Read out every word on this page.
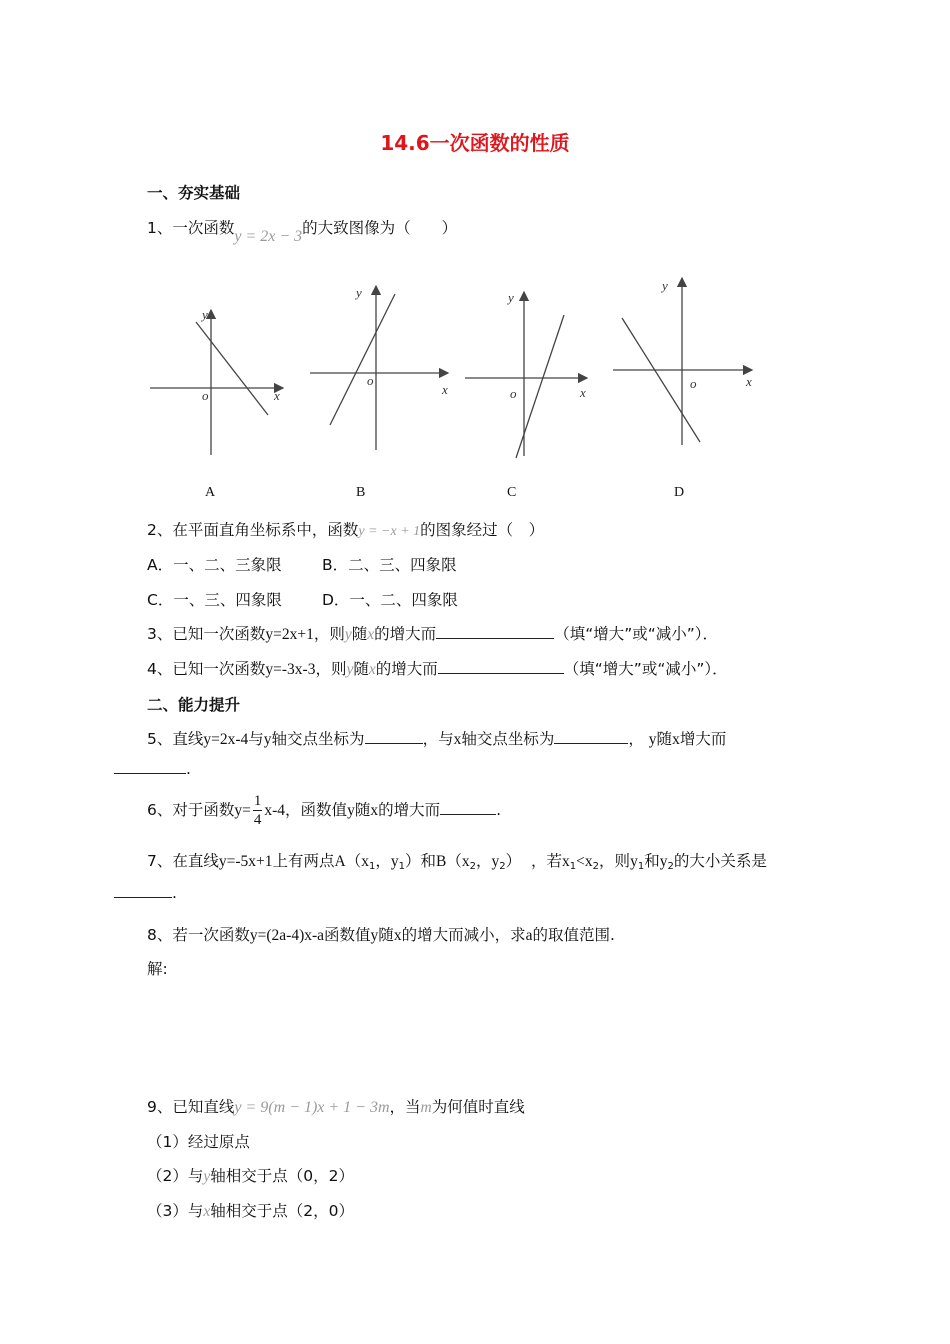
14.6一次函数的性质
一、夯实基础
1、一次函数y = 2x − 3的大致图像为（　　）
y
x
o
y
x
o
y
x
o
y
x
o
A	B	C	D
2、在平面直角坐标系中，函数y = −x + 1的图象经过（　）
A．一、二、三象限	B．二、三、四象限
C．一、三、四象限	D．一、二、四象限
3、已知一次函数y=2x+1，则y随x的增大而	（填“增大”或“减小”）．
4、已知一次函数y=-3x-3，则y随x的增大而	（填“增大”或“减小”）．
二、能力提升
5、直线y=2x-4与y轴交点坐标为	，与x轴交点坐标为	， y随x增大而
.
6、对于函数$y= \frac{1}{4} x-4$，函数值y随x的增大而	.
7、在直线y=-5x+1上有两点$A(x_1$，$y_1$）和$B(x_2$，$y_2$） ，若$x_1<x_2$，则$y_1$和$y_2$的大小关系是
.
8、若一次函数y=(2a-4)x-a函数值y随x的增大而减小，求a的取值范围.
解:
9、已知直线y = 9(m − 1)x + 1 − 3m，当m为何值时直线
（1）经过原点
（2）与y轴相交于点（0，2）
（3）与x轴相交于点（2，0）
